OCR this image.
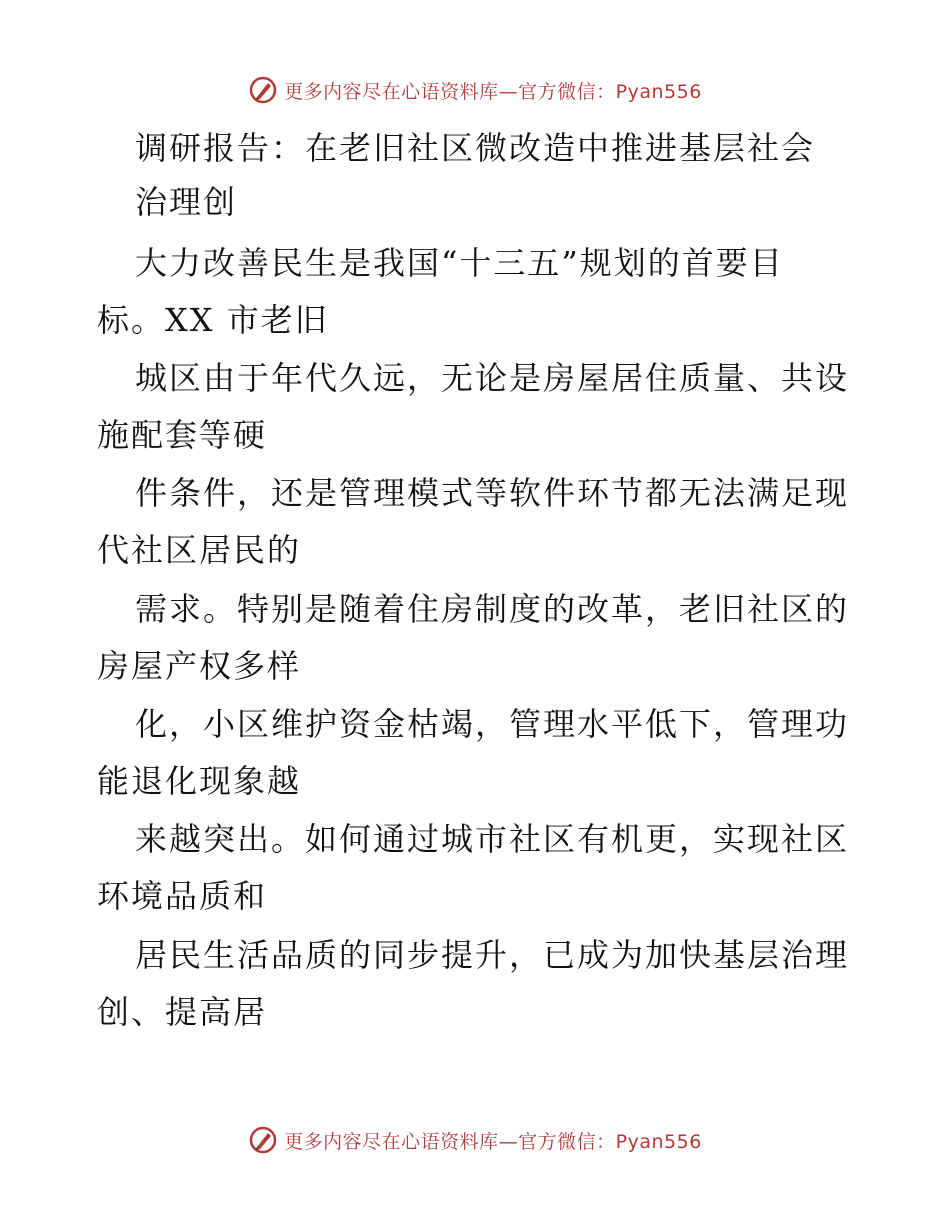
更多内容尽在心语资料库—官方微信：Pyan556
调研报告：在老旧社区微改造中推进基层社会
治理创
大力改善民生是我国“十三五”规划的首要目
标。XX 市老旧
城区由于年代久远，无论是房屋居住质量、共设
施配套等硬
件条件，还是管理模式等软件环节都无法满足现
代社区居民的
需求。特别是随着住房制度的改革，老旧社区的
房屋产权多样
化，小区维护资金枯竭，管理水平低下，管理功
能退化现象越
来越突出。如何通过城市社区有机更，实现社区
环境品质和
居民生活品质的同步提升，已成为加快基层治理
创、提高居
更多内容尽在心语资料库—官方微信：Pyan556
